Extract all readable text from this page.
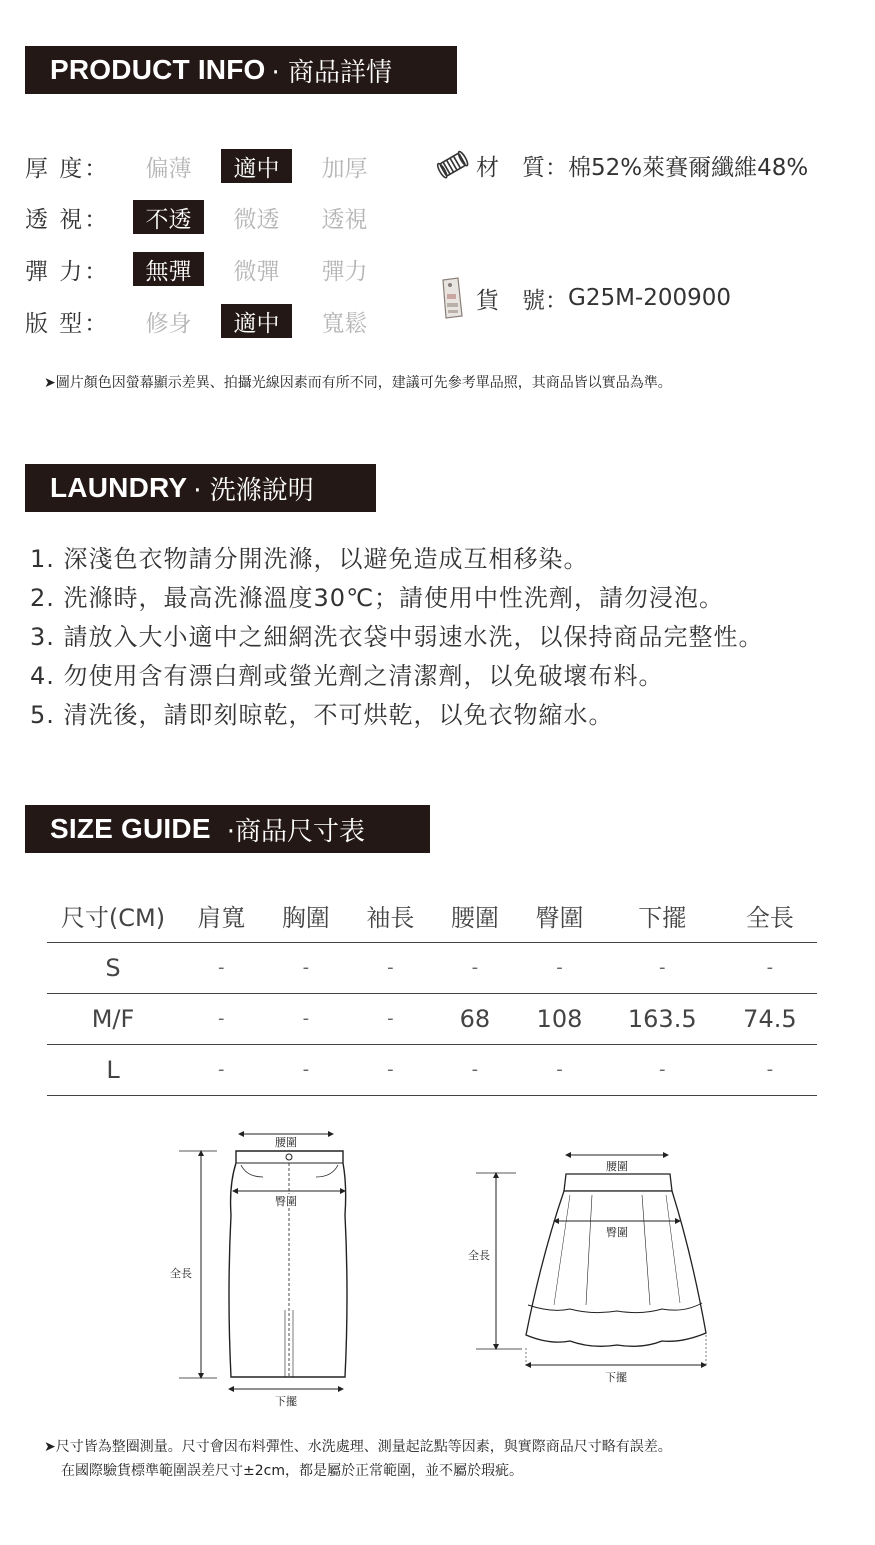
PRODUCT INFO · 商品詳情
厚 度：	偏薄	適中	加厚
透 視：	不透	微透	透視
彈 力：	無彈	微彈	彈力
版 型：	修身	適中	寬鬆
材　質： 棉52%萊賽爾纖維48%
貨　號： G25M-200900
➤圖片顏色因螢幕顯示差異、拍攝光線因素而有所不同，建議可先參考單品照，其商品皆以實品為準。
LAUNDRY · 洗滌說明
1. 深淺色衣物請分開洗滌，以避免造成互相移染。
2. 洗滌時，最高洗滌溫度30℃；請使用中性洗劑，請勿浸泡。
3. 請放入大小適中之細網洗衣袋中弱速水洗，以保持商品完整性。
4. 勿使用含有漂白劑或螢光劑之清潔劑，以免破壞布料。
5. 清洗後，請即刻晾乾，不可烘乾，以免衣物縮水。
SIZE GUIDE ·商品尺寸表
尺寸(CM)	肩寬	胸圍	袖長	腰圍	臀圍	下擺	全長
S	-	-	-	-	-	-	-
M/F	-	-	-	68	108	163.5	74.5
L	-	-	-	-	-	-	-
腰圍
臀圍
全長
下擺
腰圍
臀圍
全長
下擺
➤尺寸皆為整圈測量。尺寸會因布料彈性、水洗處理、測量起訖點等因素，與實際商品尺寸略有誤差。
在國際驗貨標準範圍誤差尺寸±2cm，都是屬於正常範圍，並不屬於瑕疵。
